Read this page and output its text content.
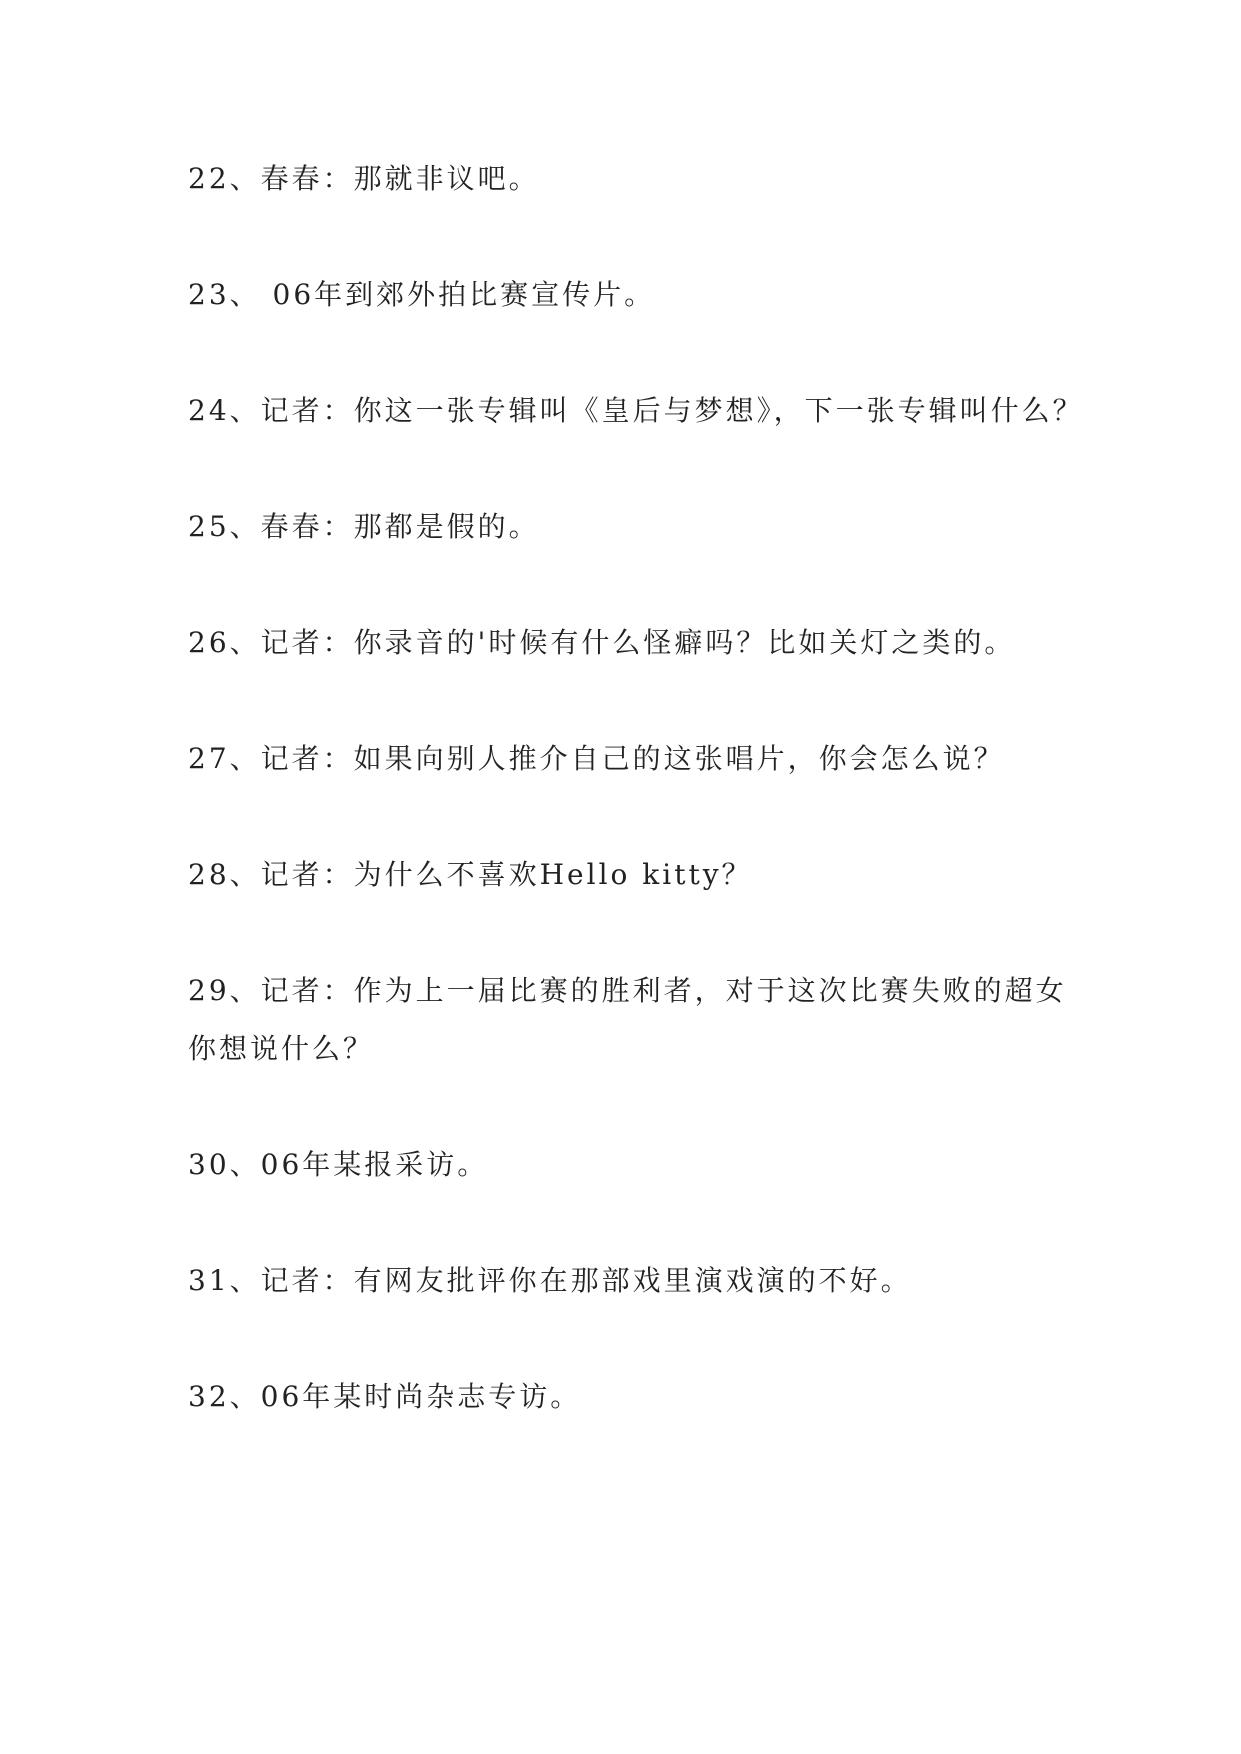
22、春春：那就非议吧。

23、 06年到郊外拍比赛宣传片。

24、记者：你这一张专辑叫《皇后与梦想》，下一张专辑叫什么？

25、春春：那都是假的。

26、记者：你录音的'时候有什么怪癖吗？比如关灯之类的。

27、记者：如果向别人推介自己的这张唱片，你会怎么说？

28、记者：为什么不喜欢Hello kitty？

29、记者：作为上一届比赛的胜利者，对于这次比赛失败的超女你想说什么？

30、06年某报采访。

31、记者：有网友批评你在那部戏里演戏演的不好。

32、06年某时尚杂志专访。
